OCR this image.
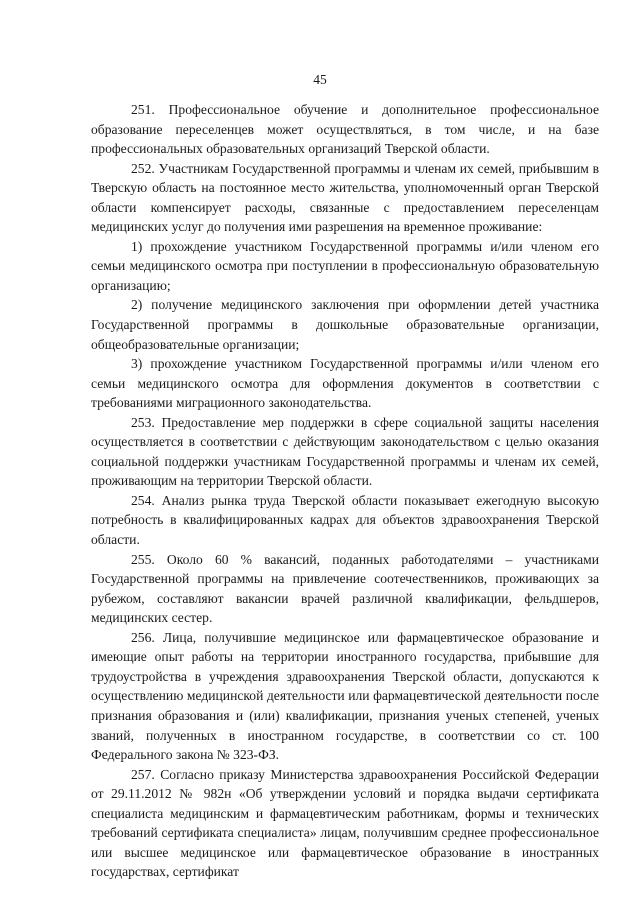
45

251. Профессиональное обучение и дополнительное профессиональное образование переселенцев может осуществляться, в том числе, и на базе профессиональных образовательных организаций Тверской области.

252. Участникам Государственной программы и членам их семей, прибывшим в Тверскую область на постоянное место жительства, уполномоченный орган Тверской области компенсирует расходы, связанные с предоставлением переселенцам медицинских услуг до получения ими разрешения на временное проживание:

1) прохождение участником Государственной программы и/или членом его семьи медицинского осмотра при поступлении в профессиональную образовательную организацию;

2) получение медицинского заключения при оформлении детей участника Государственной программы в дошкольные образовательные организации, общеобразовательные организации;

3) прохождение участником Государственной программы и/или членом его семьи медицинского осмотра для оформления документов в соответствии с требованиями миграционного законодательства.

253. Предоставление мер поддержки в сфере социальной защиты населения осуществляется в соответствии с действующим законодательством с целью оказания социальной поддержки участникам Государственной программы и членам их семей, проживающим на территории Тверской области.

254. Анализ рынка труда Тверской области показывает ежегодную высокую потребность в квалифицированных кадрах для объектов здравоохранения Тверской области.

255. Около 60 % вакансий, поданных работодателями – участниками Государственной программы на привлечение соотечественников, проживающих за рубежом, составляют вакансии врачей различной квалификации, фельдшеров, медицинских сестер.

256. Лица, получившие медицинское или фармацевтическое образование и имеющие опыт работы на территории иностранного государства, прибывшие для трудоустройства в учреждения здравоохранения Тверской области, допускаются к осуществлению медицинской деятельности или фармацевтической деятельности после признания образования и (или) квалификации, признания ученых степеней, ученых званий, полученных в иностранном государстве, в соответствии со ст. 100 Федерального закона № 323-ФЗ.

257. Согласно приказу Министерства здравоохранения Российской Федерации от 29.11.2012 № 982н «Об утверждении условий и порядка выдачи сертификата специалиста медицинским и фармацевтическим работникам, формы и технических требований сертификата специалиста» лицам, получившим среднее профессиональное или высшее медицинское или фармацевтическое образование в иностранных государствах, сертификат
